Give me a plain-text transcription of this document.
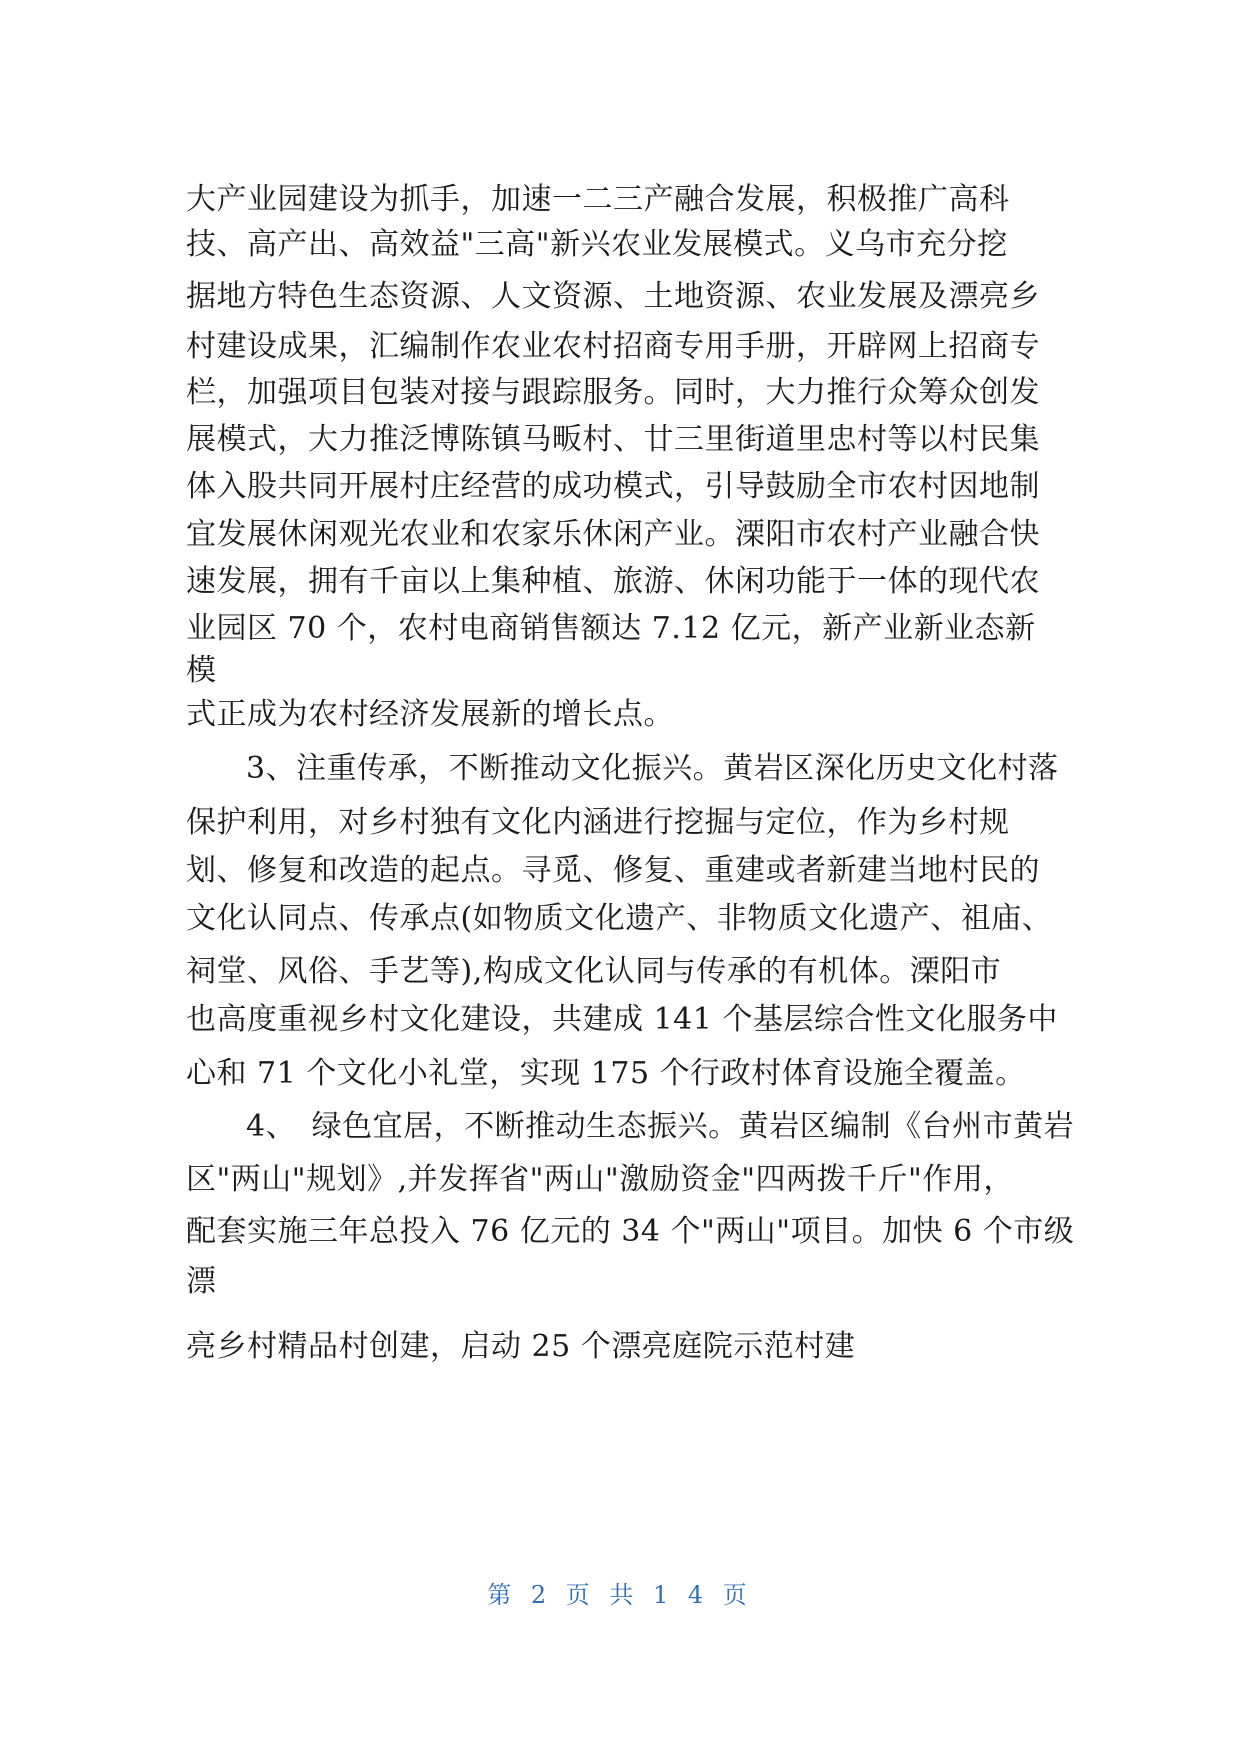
大产业园建设为抓手，加速一二三产融合发展，积极推广高科
技、高产出、高效益"三高"新兴农业发展模式。义乌市充分挖
据地方特色生态资源、人文资源、土地资源、农业发展及漂亮乡
村建设成果，汇编制作农业农村招商专用手册，开辟网上招商专
栏，加强项目包装对接与跟踪服务。同时，大力推行众筹众创发
展模式，大力推泛博陈镇马畈村、廿三里街道里忠村等以村民集
体入股共同开展村庄经营的成功模式，引导鼓励全市农村因地制
宜发展休闲观光农业和农家乐休闲产业。溧阳市农村产业融合快
速发展，拥有千亩以上集种植、旅游、休闲功能于一体的现代农
业园区 70 个，农村电商销售额达 7.12 亿元，新产业新业态新
模
式正成为农村经济发展新的增长点。
3、注重传承，不断推动文化振兴。黄岩区深化历史文化村落
保护利用，对乡村独有文化内涵进行挖掘与定位，作为乡村规
划、修复和改造的起点。寻觅、修复、重建或者新建当地村民的
文化认同点、传承点(如物质文化遗产、非物质文化遗产、祖庙、
祠堂、风俗、手艺等),构成文化认同与传承的有机体。溧阳市
也高度重视乡村文化建设，共建成 141 个基层综合性文化服务中
心和 71 个文化小礼堂，实现 175 个行政村体育设施全覆盖。
4、　绿色宜居，不断推动生态振兴。黄岩区编制《台州市黄岩
区"两山"规划》,并发挥省"两山"激励资金"四两拨千斤"作用，
配套实施三年总投入 76 亿元的 34 个"两山"项目。加快 6 个市级
漂
亮乡村精品村创建，启动 25 个漂亮庭院示范村建
第 2 页 共 1 4 页
